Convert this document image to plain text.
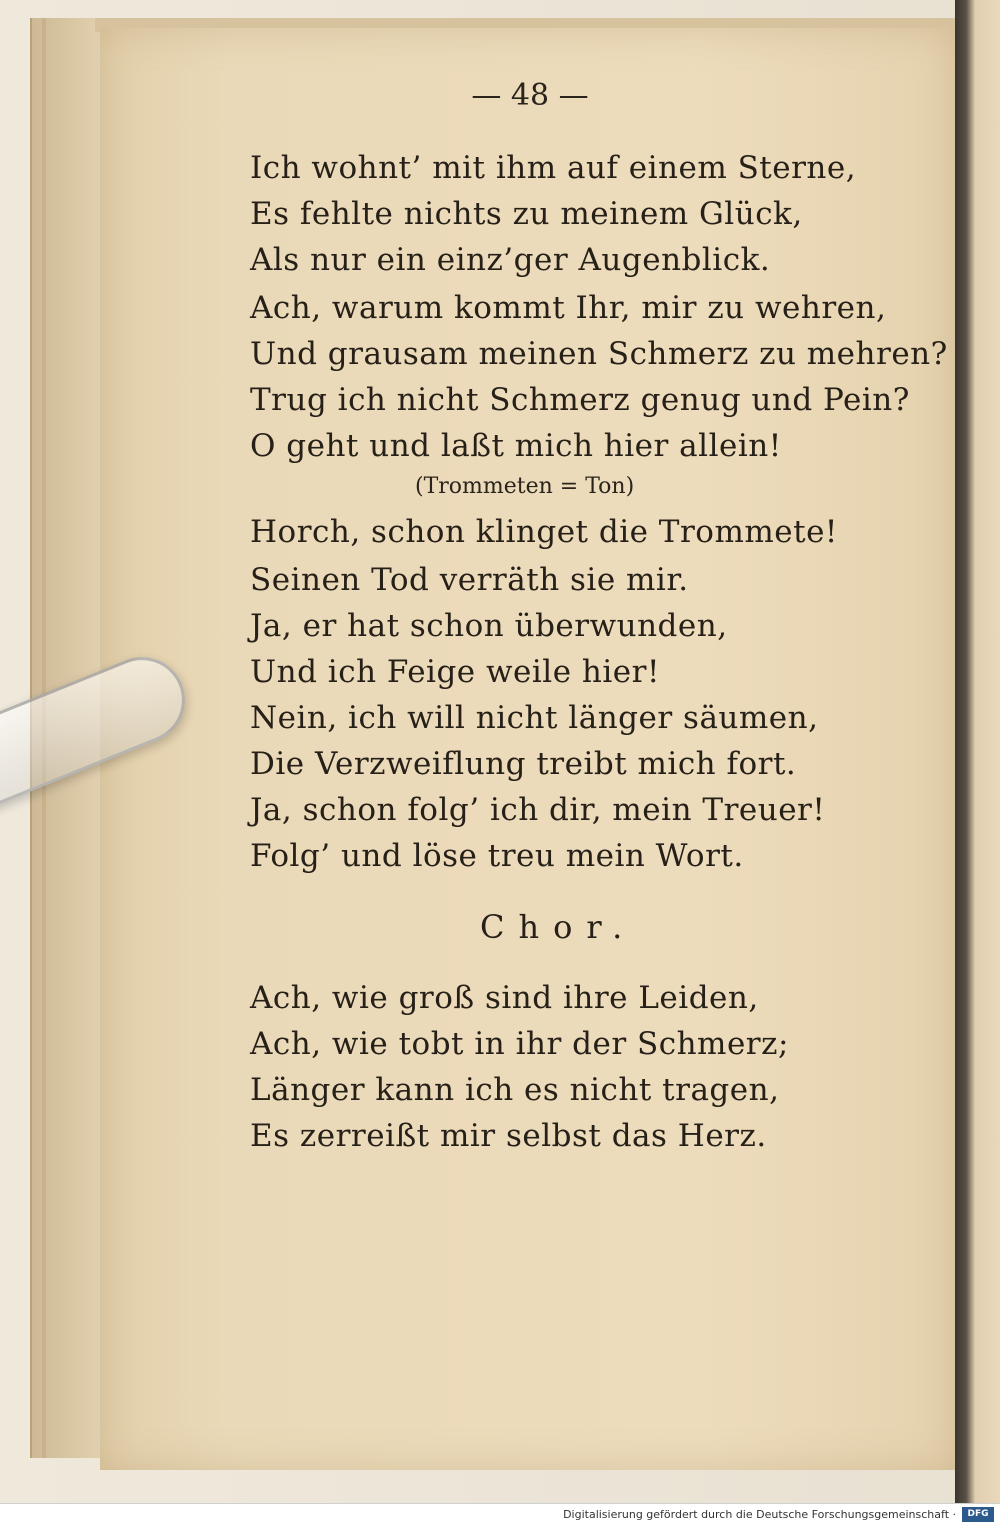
— 48 —
Ich wohnt’ mit ihm auf einem Sterne,
Es fehlte nichts zu meinem Glück,
Als nur ein einz’ger Augenblick.
Ach, warum kommt Ihr, mir zu wehren,
Und grausam meinen Schmerz zu mehren?
Trug ich nicht Schmerz genug und Pein?
O geht und laßt mich hier allein!
(Trommeten = Ton)
Horch, schon klinget die Trommete!
Seinen Tod verräth sie mir.
Ja, er hat schon überwunden,
Und ich Feige weile hier!
Nein, ich will nicht länger säumen,
Die Verzweiflung treibt mich fort.
Ja, schon folg’ ich dir, mein Treuer!
Folg’ und löse treu mein Wort.
Ach, wie groß sind ihre Leiden,
Ach, wie tobt in ihr der Schmerz;
Länger kann ich es nicht tragen,
Es zerreißt mir selbst das Herz.
Chor.
Digitalisierung gefördert durch die Deutsche Forschungsgemeinschaft ·	DFG
